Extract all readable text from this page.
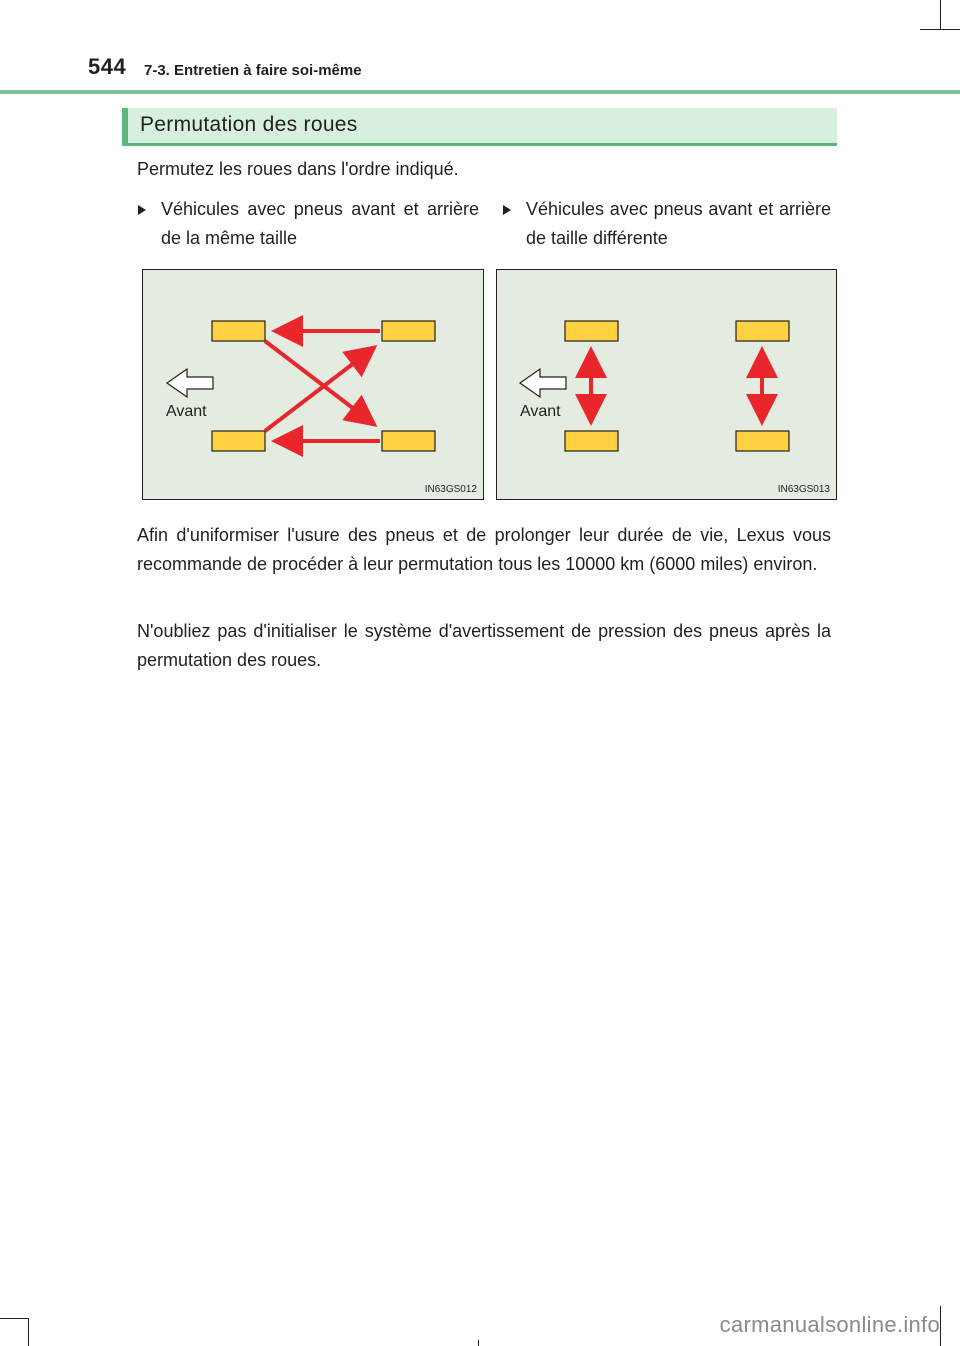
544 7-3. Entretien à faire soi-même
Permutation des roues
Permutez les roues dans l'ordre indiqué.
Véhicules avec pneus avant et arrière de la même taille
Véhicules avec pneus avant et arrière de taille différente
Avant
IN63GS012
Avant
IN63GS013
Afin d'uniformiser l'usure des pneus et de prolonger leur durée de vie, Lexus vous recommande de procéder à leur permutation tous les 10000 km (6000 miles) environ.
N'oubliez pas d'initialiser le système d'avertissement de pression des pneus après la permutation des roues.
carmanualsonline.info
